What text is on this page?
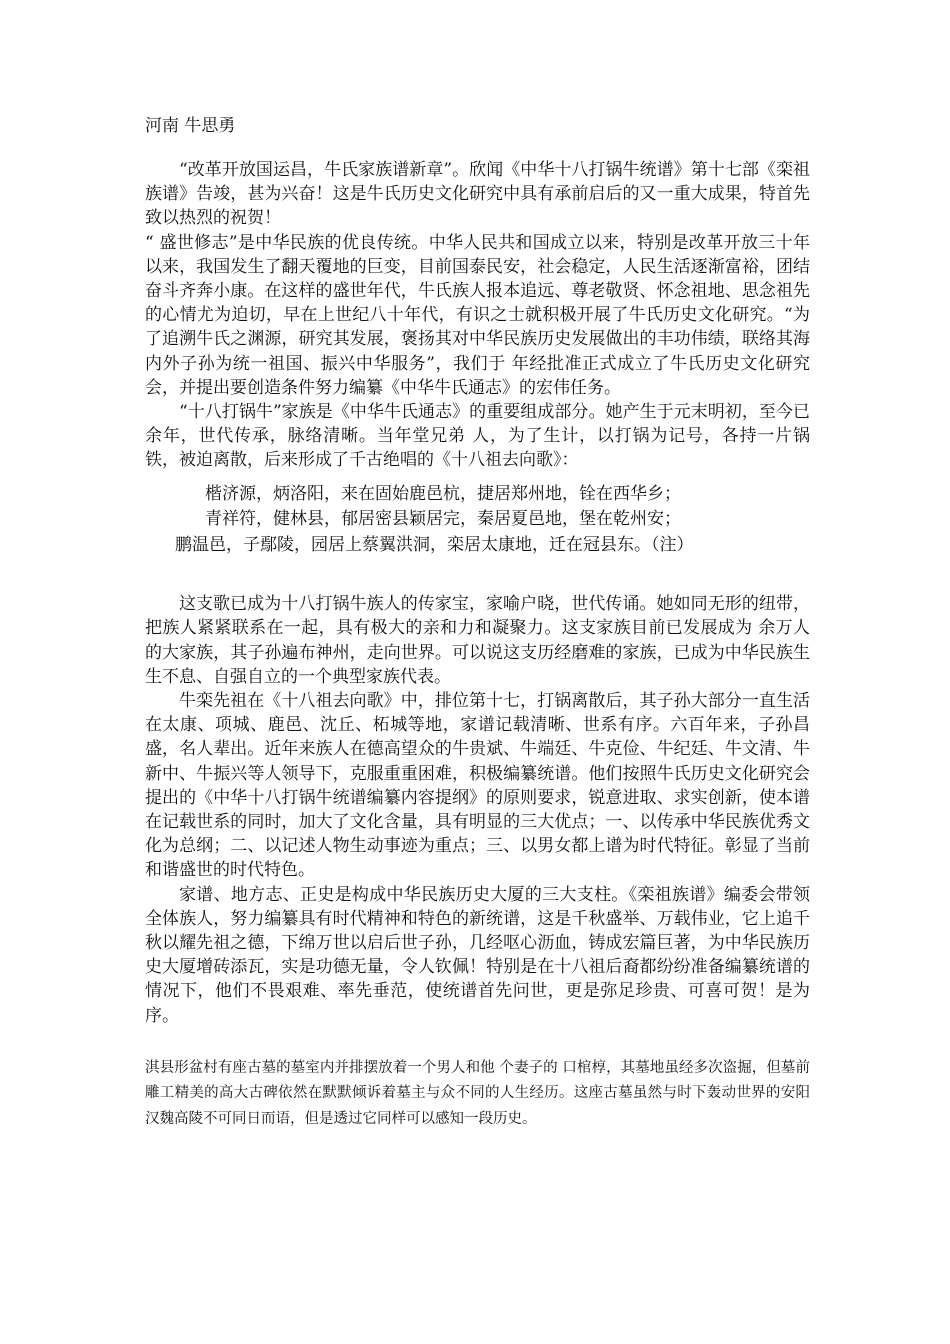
河南 牛思勇

“改革开放国运昌，牛氏家族谱新章”。欣闻《中华十八打锅牛统谱》第十七部《栾祖族谱》告竣，甚为兴奋！这是牛氏历史文化研究中具有承前启后的又一重大成果，特首先致以热烈的祝贺！

“ 盛世修志”是中华民族的优良传统。中华人民共和国成立以来，特别是改革开放三十年以来，我国发生了翻天覆地的巨变，目前国泰民安，社会稳定，人民生活逐渐富裕，团结奋斗齐奔小康。在这样的盛世年代，牛氏族人报本追远、尊老敬贤、怀念祖地、思念祖先的心情尤为迫切，早在上世纪八十年代，有识之士就积极开展了牛氏历史文化研究。“为了追溯牛氏之渊源，研究其发展，褒扬其对中华民族历史发展做出的丰功伟绩，联络其海内外子孙为统一祖国、振兴中华服务”，我们于 年经批准正式成立了牛氏历史文化研究会，并提出要创造条件努力编纂《中华牛氏通志》的宏伟任务。

“十八打锅牛”家族是《中华牛氏通志》的重要组成部分。她产生于元末明初，至今已 余年，世代传承，脉络清晰。当年堂兄弟 人，为了生计，以打锅为记号，各持一片锅铁，被迫离散，后来形成了千古绝唱的《十八祖去向歌》：

楷济源，炳洛阳，来在固始鹿邑杭，捷居郑州地，铨在西华乡；

青祥符，健林县，郁居密县颖居完，秦居夏邑地，堡在乾州安；

鹏温邑，子鄢陵，园居上蔡翼洪洞，栾居太康地，迁在冠县东。（注）

这支歌已成为十八打锅牛族人的传家宝，家喻户晓，世代传诵。她如同无形的纽带，把族人紧紧联系在一起，具有极大的亲和力和凝聚力。这支家族目前已发展成为 余万人的大家族，其子孙遍布神州，走向世界。可以说这支历经磨难的家族，已成为中华民族生生不息、自强自立的一个典型家族代表。

牛栾先祖在《十八祖去向歌》中，排位第十七，打锅离散后，其子孙大部分一直生活在太康、项城、鹿邑、沈丘、柘城等地，家谱记载清晰、世系有序。六百年来，子孙昌盛，名人辈出。近年来族人在德高望众的牛贵斌、牛端廷、牛克俭、牛纪廷、牛文清、牛新中、牛振兴等人领导下，克服重重困难，积极编纂统谱。他们按照牛氏历史文化研究会提出的《中华十八打锅牛统谱编纂内容提纲》的原则要求，锐意进取、求实创新，使本谱在记载世系的同时，加大了文化含量，具有明显的三大优点；一、以传承中华民族优秀文化为总纲；二、以记述人物生动事迹为重点；三、以男女都上谱为时代特征。彰显了当前和谐盛世的时代特色。

家谱、地方志、正史是构成中华民族历史大厦的三大支柱。《栾祖族谱》编委会带领全体族人，努力编纂具有时代精神和特色的新统谱，这是千秋盛举、万载伟业，它上追千秋以耀先祖之德，下绵万世以启后世子孙，几经呕心沥血，铸成宏篇巨著，为中华民族历史大厦增砖添瓦，实是功德无量，令人钦佩！特别是在十八祖后裔都纷纷准备编纂统谱的情况下，他们不畏艰难、率先垂范，使统谱首先问世，更是弥足珍贵、可喜可贺！是为序。

淇县形盆村有座古墓的墓室内并排摆放着一个男人和他 个妻子的 口棺椁，其墓地虽经多次盗掘，但墓前雕工精美的高大古碑依然在默默倾诉着墓主与众不同的人生经历。这座古墓虽然与时下轰动世界的安阳汉魏高陵不可同日而语，但是透过它同样可以感知一段历史。
